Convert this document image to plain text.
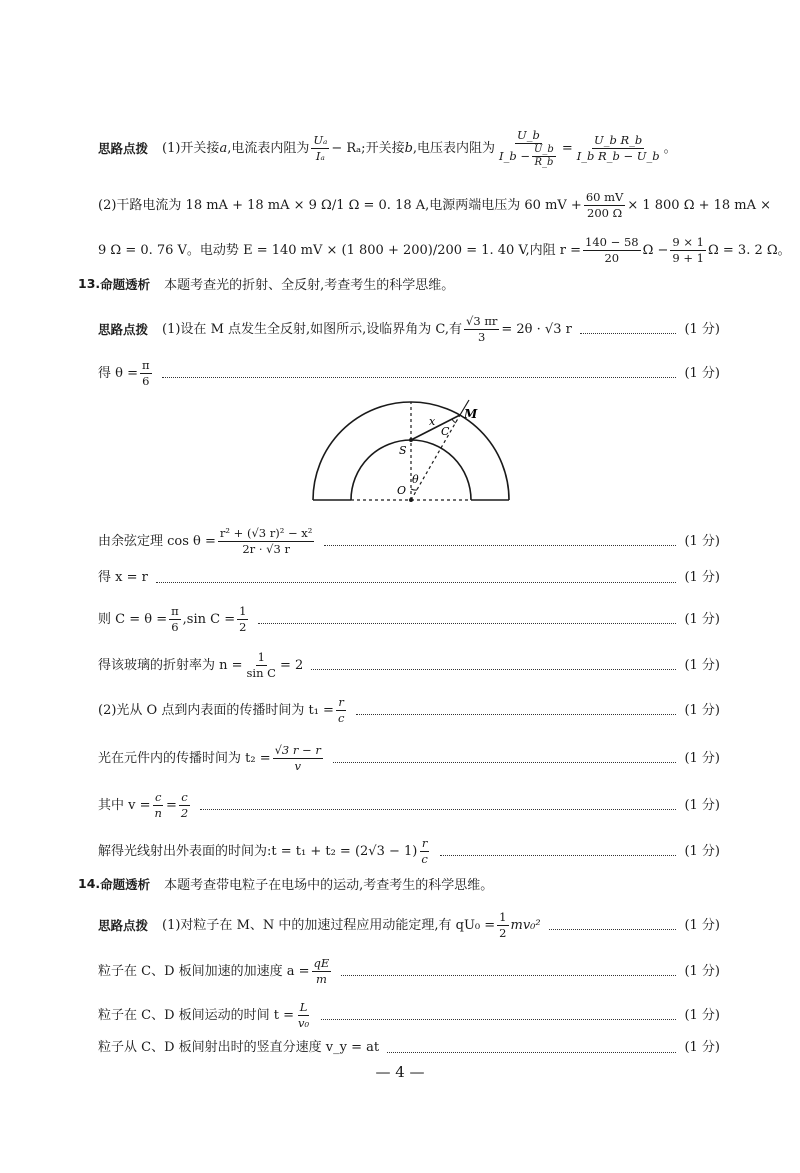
思路点拨 (1)开关接 a ,电流表内阻为 $\frac{\text{Uₐ}}{\text{Iₐ}} - R_a$;开关接 b ,电压表内阻为 $\frac{U\_b}{I\_b - \frac{U\_b}{R\_b}} = \frac{\text{U\_b R\_b}}{\text{I\_b R\_b − U\_b}}$ 。
(2)干路电流为 18 mA + 18 mA × 9 Ω/1 Ω = 0. 18 A,电源两端电压为 60 mV + $\frac{60 mV}{200 \Omega} \times 1$ 800 Ω + 18 mA ×
9 Ω = 0. 76 V。电动势 E = 140 mV × (1 800 + 200)/200 = 1. 40 V,内阻 $r = \frac{140 - 58}{20}$ $\Omega - \frac{9 \times 1}{9 + 1}$ Ω = 3. 2 Ω。
13. 命题透析 本题考查光的折射、全反射,考查考生的科学思维。
思路点拨 (1)设在 M 点发生全反射,如图所示,设临界角为 C,有 $\frac{√3 \pi r}{3} = 2\theta \cdot √3$ r	(1 分)
得 $\theta = \frac{\pi}{6}$	(1 分)
M
x
C
S
θ
O
由余弦定理 $\cos \theta = \frac{\text{r² + (√3 r)² − x²}}{2r \cdot √3 r}$	(1 分)
得 x = r	(1 分)
则 $C = \theta = \frac{\pi}{6} ,\sin$ $C = \frac{1}{2}$	(1 分)
得该玻璃的折射率为 $n = \frac{1}{\text{sin C}} = 2$	(1 分)
(2)光从 O 点到内表面的传播时间为 $t_1 = \frac{r}{c}$	(1 分)
光在元件内的传播时间为 $t_2 = \frac{√3 r - r}{v}$	(1 分)
其中 $v = \frac{c}{n} = \frac{c}{2}$	(1 分)
解得光线射出外表面的时间为:t = $t_1 + t_2 = (2√3 - 1) \frac{r}{c}$	(1 分)
14. 命题透析 本题考查带电粒子在电场中的运动,考查考生的科学思维。
思路点拨 (1)对粒子在 M、N 中的加速过程应用动能定理,有 $qU_0 = \frac{1}{2} mv_0^2$	(1 分)
粒子在 C、D 板间加速的加速度 $a = \frac{qE}{m}$	(1 分)
粒子在 C、D 板间运动的时间 $t = \frac{L}{\text{v₀}}$	(1 分)
粒子从 C、D 板间射出时的竖直分速度 v_y = at	(1 分)
— 4 —
